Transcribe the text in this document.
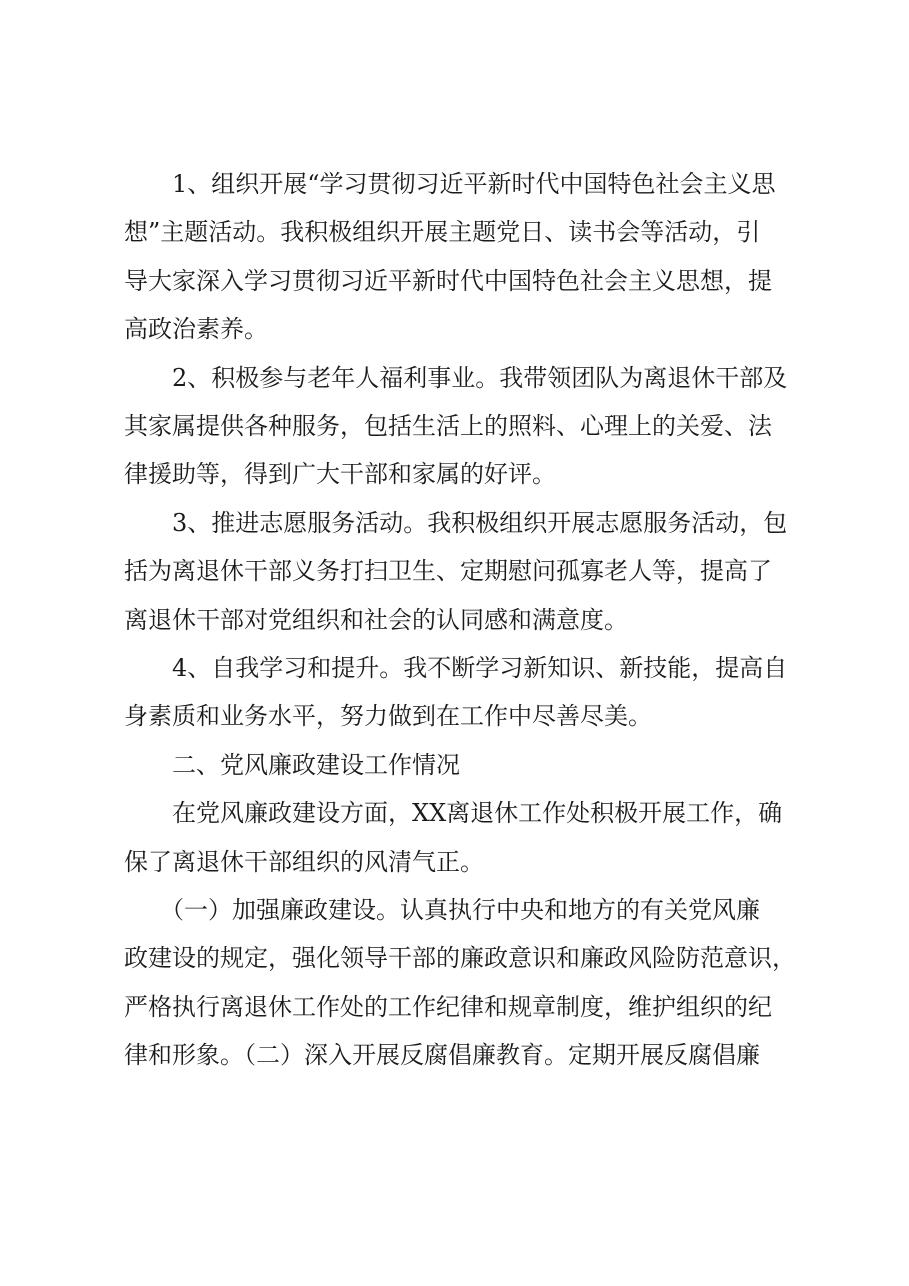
1、组织开展“学习贯彻习近平新时代中国特色社会主义思
想”主题活动。我积极组织开展主题党日、读书会等活动，引
导大家深入学习贯彻习近平新时代中国特色社会主义思想，提
高政治素养。
2、积极参与老年人福利事业。我带领团队为离退休干部及
其家属提供各种服务，包括生活上的照料、心理上的关爱、法
律援助等，得到广大干部和家属的好评。
3、推进志愿服务活动。我积极组织开展志愿服务活动，包
括为离退休干部义务打扫卫生、定期慰问孤寡老人等，提高了
离退休干部对党组织和社会的认同感和满意度。
4、自我学习和提升。我不断学习新知识、新技能，提高自
身素质和业务水平，努力做到在工作中尽善尽美。
二、党风廉政建设工作情况
在党风廉政建设方面，XX离退休工作处积极开展工作，确
保了离退休干部组织的风清气正。
（一）加强廉政建设。认真执行中央和地方的有关党风廉
政建设的规定，强化领导干部的廉政意识和廉政风险防范意识，
严格执行离退休工作处的工作纪律和规章制度，维护组织的纪
律和形象。（二）深入开展反腐倡廉教育。定期开展反腐倡廉
